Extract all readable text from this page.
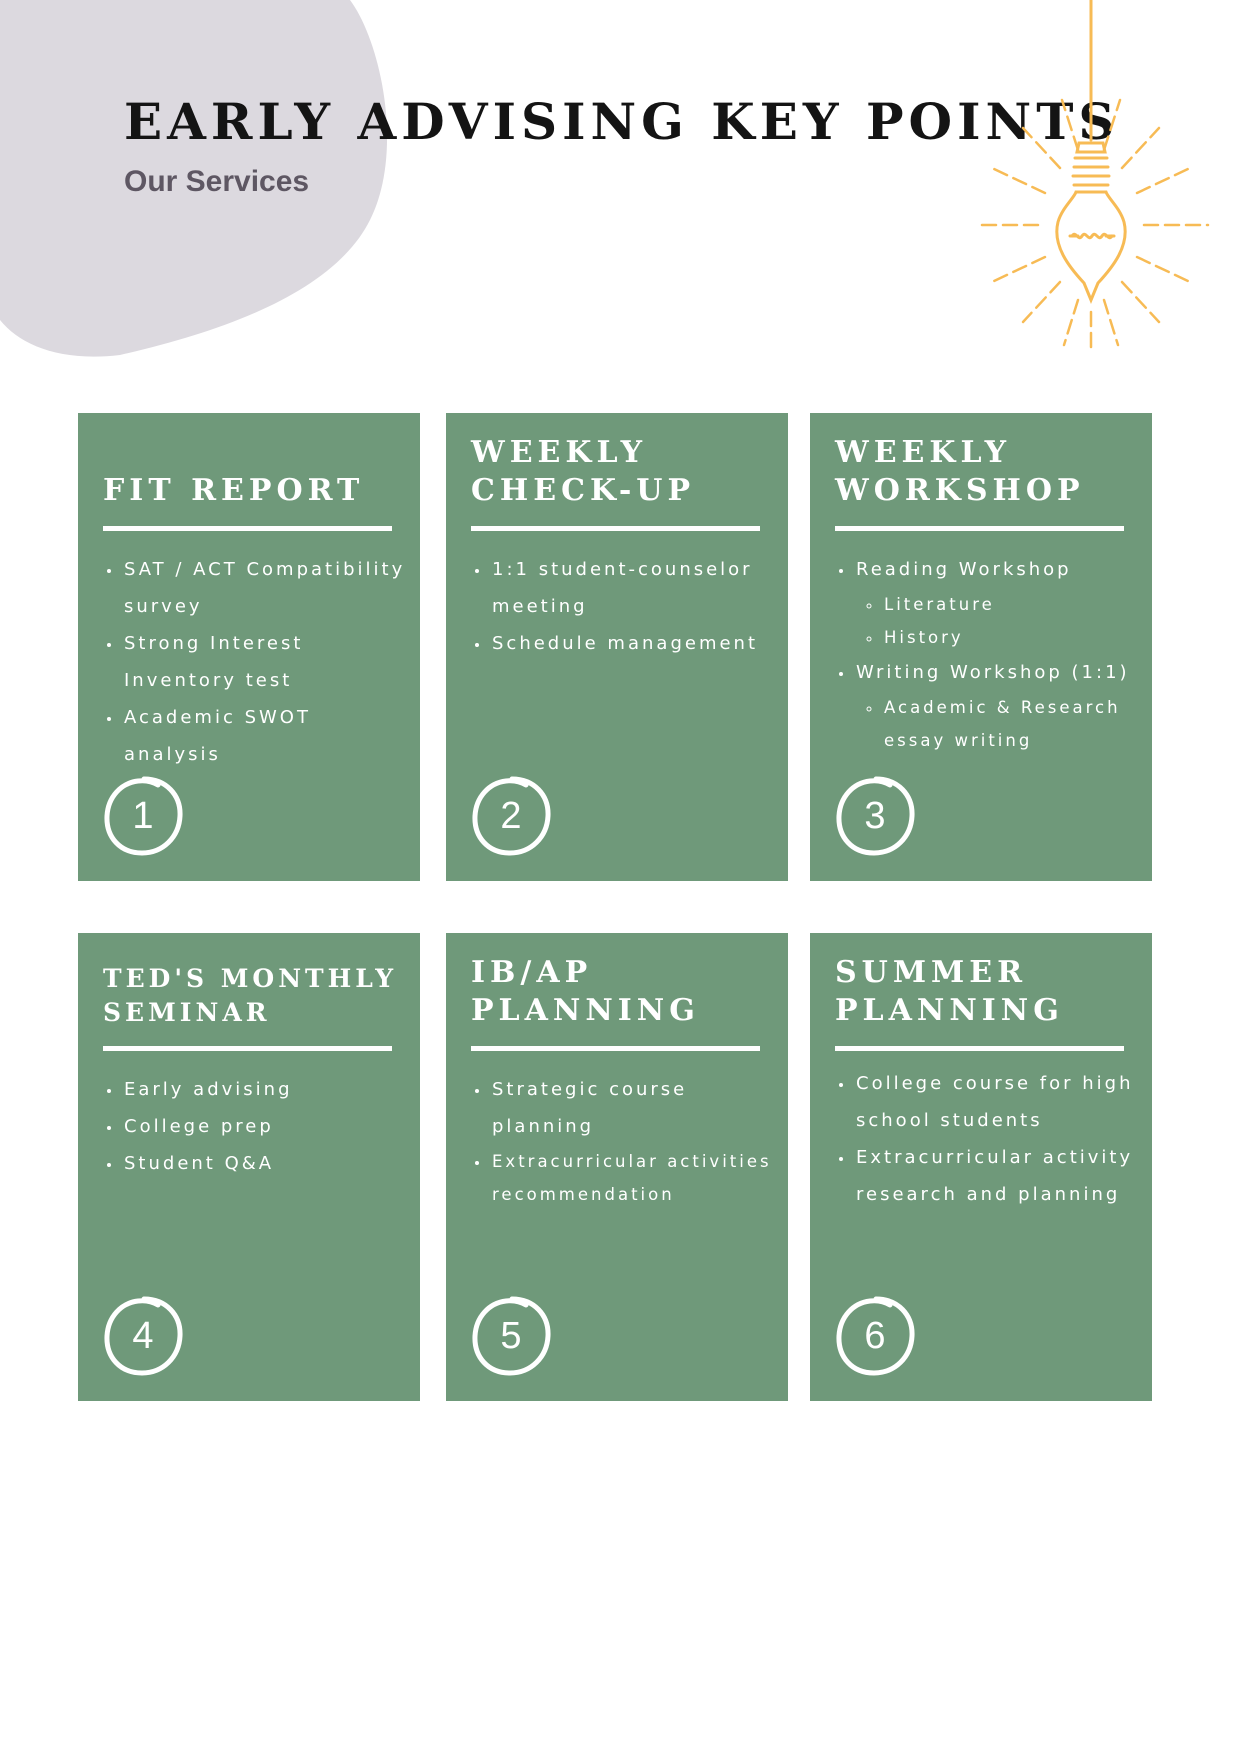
EARLY ADVISING KEY POINTS
Our Services
FIT REPORT
• SAT / ACT Compatibility survey
• Strong Interest Inventory test
• Academic SWOT analysis
1
WEEKLY
CHECK-UP
• 1:1 student-counselor meeting
• Schedule management
2
WEEKLY
WORKSHOP
• Reading Workshop
◦ Literature
◦ History
• Writing Workshop (1:1)
◦ Academic & Research essay writing
3
TED'S MONTHLY
SEMINAR
• Early advising
• College prep
• Student Q&A
4
IB/AP
PLANNING
• Strategic course planning
• Extracurricular activities recommendation
5
SUMMER
PLANNING
• College course for high school students
• Extracurricular activity research and planning
6
